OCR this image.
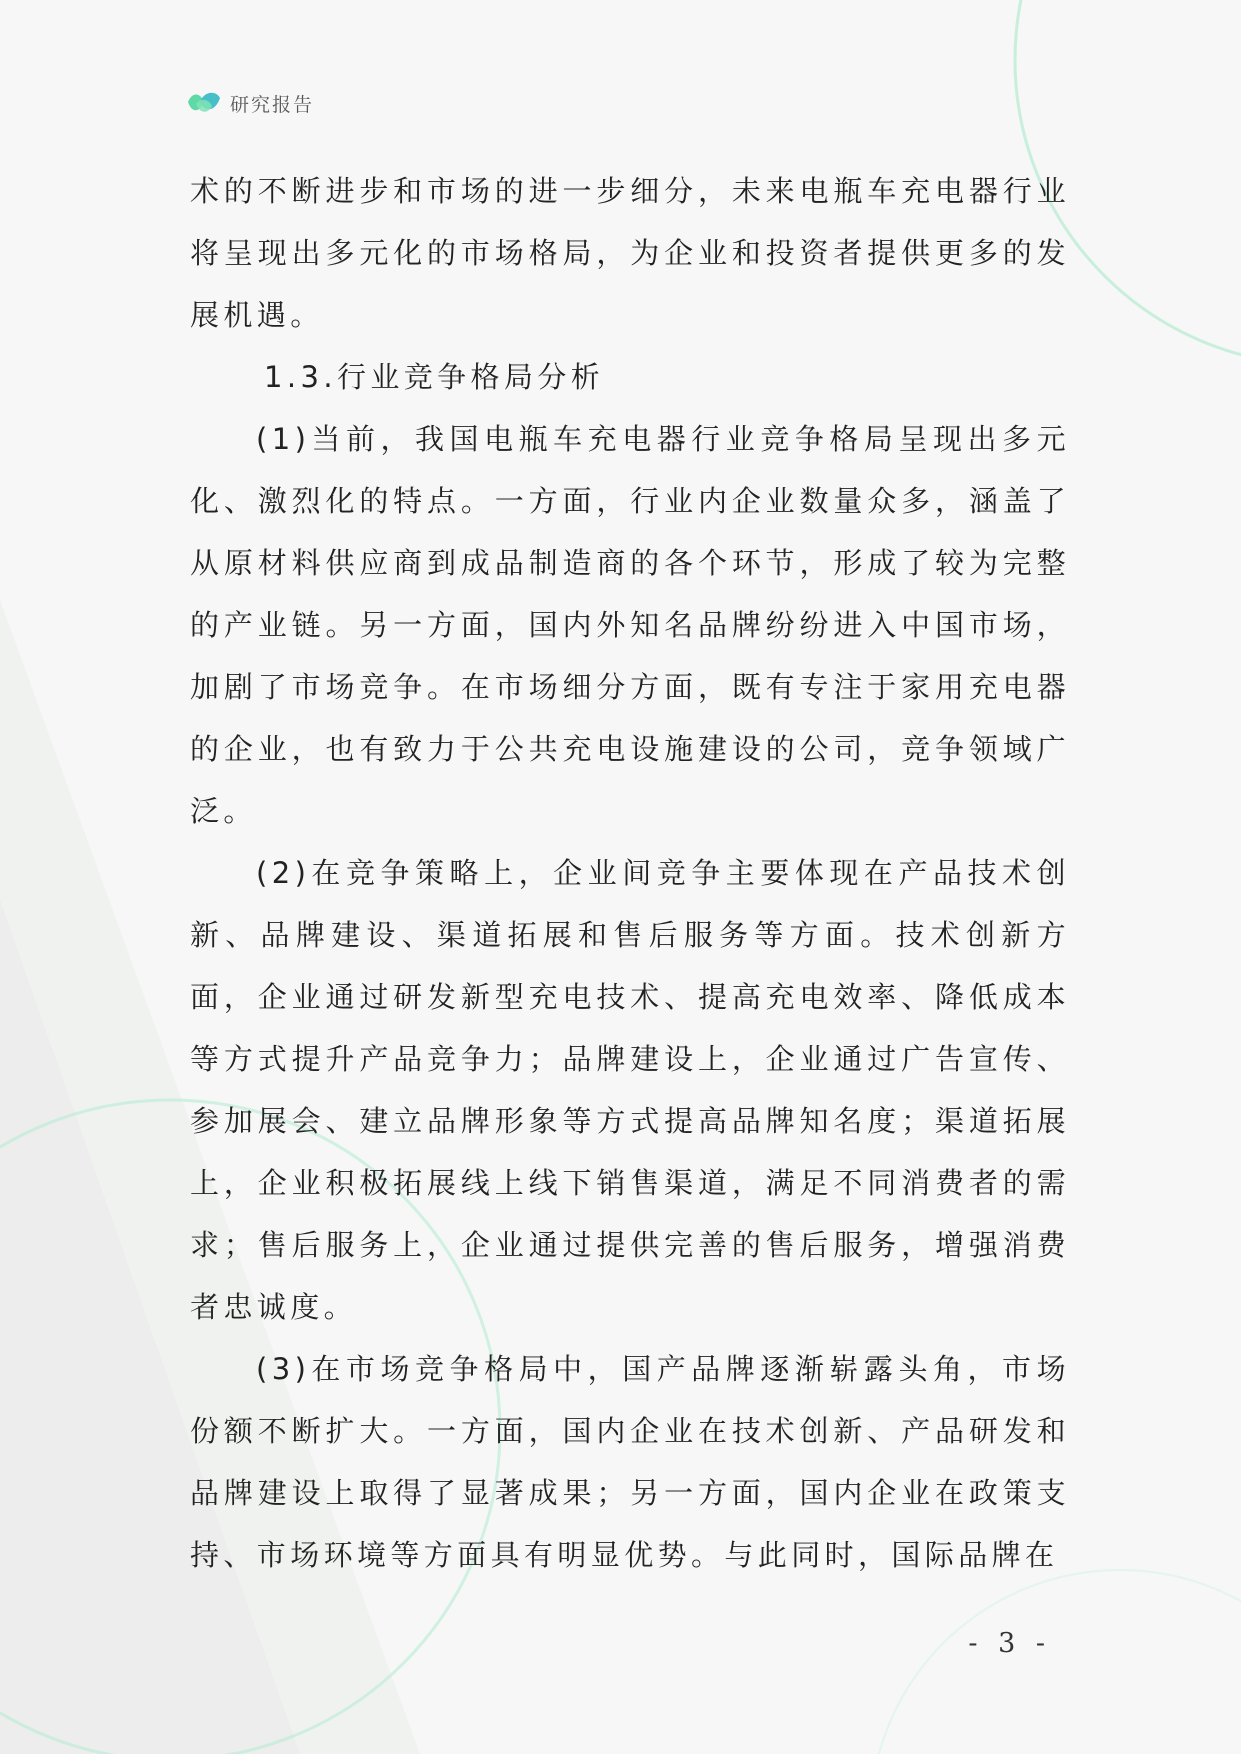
研究报告

术的不断进步和市场的进一步细分，未来电瓶车充电器行业将呈现出多元化的市场格局，为企业和投资者提供更多的发展机遇。

1.3.行业竞争格局分析

(1)当前，我国电瓶车充电器行业竞争格局呈现出多元化、激烈化的特点。一方面，行业内企业数量众多，涵盖了从原材料供应商到成品制造商的各个环节，形成了较为完整的产业链。另一方面，国内外知名品牌纷纷进入中国市场，加剧了市场竞争。在市场细分方面，既有专注于家用充电器的企业，也有致力于公共充电设施建设的公司，竞争领域广泛。

(2)在竞争策略上，企业间竞争主要体现在产品技术创新、品牌建设、渠道拓展和售后服务等方面。技术创新方面，企业通过研发新型充电技术、提高充电效率、降低成本等方式提升产品竞争力；品牌建设上，企业通过广告宣传、参加展会、建立品牌形象等方式提高品牌知名度；渠道拓展上，企业积极拓展线上线下销售渠道，满足不同消费者的需求；售后服务上，企业通过提供完善的售后服务，增强消费者忠诚度。

(3)在市场竞争格局中，国产品牌逐渐崭露头角，市场份额不断扩大。一方面，国内企业在技术创新、产品研发和品牌建设上取得了显著成果；另一方面，国内企业在政策支持、市场环境等方面具有明显优势。与此同时，国际品牌在

- 3 -
